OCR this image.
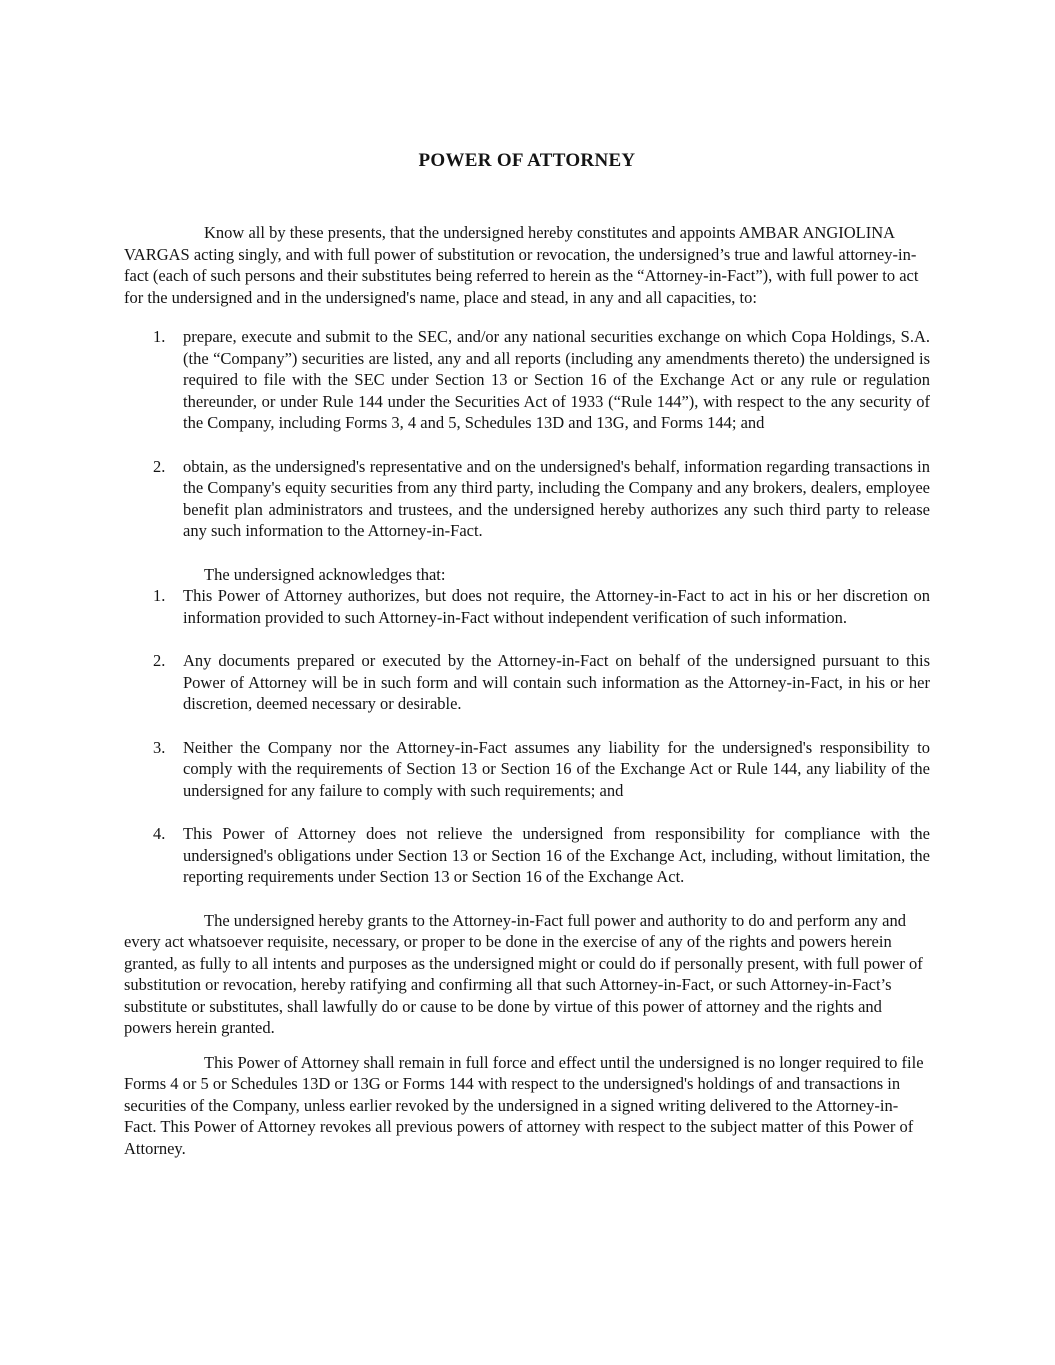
POWER OF ATTORNEY

Know all by these presents, that the undersigned hereby constitutes and appoints AMBAR ANGIOLINA VARGAS acting singly, and with full power of substitution or revocation, the undersigned’s true and lawful attorney-in-fact (each of such persons and their substitutes being referred to herein as the “Attorney-in-Fact”), with full power to act for the undersigned and in the undersigned's name, place and stead, in any and all capacities, to:

1. prepare, execute and submit to the SEC, and/or any national securities exchange on which Copa Holdings, S.A. (the “Company”) securities are listed, any and all reports (including any amendments thereto) the undersigned is required to file with the SEC under Section 13 or Section 16 of the Exchange Act or any rule or regulation thereunder, or under Rule 144 under the Securities Act of 1933 (“Rule 144”), with respect to the any security of the Company, including Forms 3, 4 and 5, Schedules 13D and 13G, and Forms 144; and
2. obtain, as the undersigned's representative and on the undersigned's behalf, information regarding transactions in the Company's equity securities from any third party, including the Company and any brokers, dealers, employee benefit plan administrators and trustees, and the undersigned hereby authorizes any such third party to release any such information to the Attorney-in-Fact.

The undersigned acknowledges that:

1. This Power of Attorney authorizes, but does not require, the Attorney-in-Fact to act in his or her discretion on information provided to such Attorney-in-Fact without independent verification of such information.
2. Any documents prepared or executed by the Attorney-in-Fact on behalf of the undersigned pursuant to this Power of Attorney will be in such form and will contain such information as the Attorney-in-Fact, in his or her discretion, deemed necessary or desirable.
3. Neither the Company nor the Attorney-in-Fact assumes any liability for the undersigned's responsibility to comply with the requirements of Section 13 or Section 16 of the Exchange Act or Rule 144, any liability of the undersigned for any failure to comply with such requirements; and
4. This Power of Attorney does not relieve the undersigned from responsibility for compliance with the undersigned's obligations under Section 13 or Section 16 of the Exchange Act, including, without limitation, the reporting requirements under Section 13 or Section 16 of the Exchange Act.

The undersigned hereby grants to the Attorney-in-Fact full power and authority to do and perform any and every act whatsoever requisite, necessary, or proper to be done in the exercise of any of the rights and powers herein granted, as fully to all intents and purposes as the undersigned might or could do if personally present, with full power of substitution or revocation, hereby ratifying and confirming all that such Attorney-in-Fact, or such Attorney-in-Fact’s substitute or substitutes, shall lawfully do or cause to be done by virtue of this power of attorney and the rights and powers herein granted.

This Power of Attorney shall remain in full force and effect until the undersigned is no longer required to file Forms 4 or 5 or Schedules 13D or 13G or Forms 144 with respect to the undersigned's holdings of and transactions in securities of the Company, unless earlier revoked by the undersigned in a signed writing delivered to the Attorney-in-Fact. This Power of Attorney revokes all previous powers of attorney with respect to the subject matter of this Power of Attorney.
